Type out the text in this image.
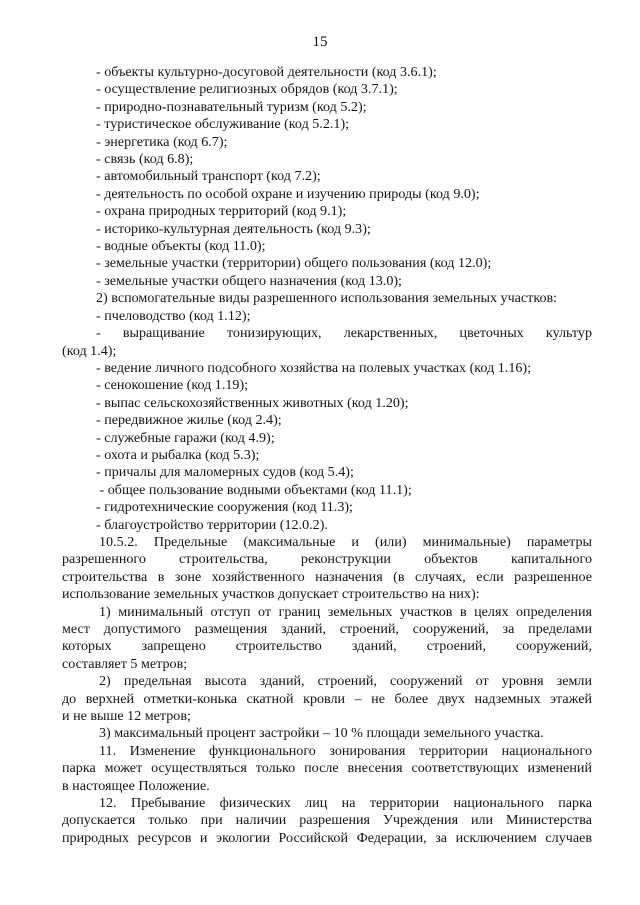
15
- объекты культурно-досуговой деятельности (код 3.6.1);
- осуществление религиозных обрядов (код 3.7.1);
- природно-познавательный туризм (код 5.2);
- туристическое обслуживание (код 5.2.1);
- энергетика (код 6.7);
- связь (код 6.8);
- автомобильный транспорт (код 7.2);
- деятельность по особой охране и изучению природы (код 9.0);
- охрана природных территорий (код 9.1);
- историко-культурная деятельность (код 9.3);
- водные объекты (код 11.0);
- земельные участки (территории) общего пользования (код 12.0);
- земельные участки общего назначения (код 13.0);
2) вспомогательные виды разрешенного использования земельных участков:
- пчеловодство (код 1.12);
- выращивание тонизирующих, лекарственных, цветочных культур
(код 1.4);
- ведение личного подсобного хозяйства на полевых участках (код 1.16);
- сенокошение (код 1.19);
- выпас сельскохозяйственных животных (код 1.20);
- передвижное жилье (код 2.4);
- служебные гаражи (код 4.9);
- охота и рыбалка (код 5.3);
- причалы для маломерных судов (код 5.4);
- общее пользование водными объектами (код 11.1);
- гидротехнические сооружения (код 11.3);
- благоустройство территории (12.0.2).
10.5.2. Предельные (максимальные и (или) минимальные) параметры
разрешенного строительства, реконструкции объектов капитального
строительства в зоне хозяйственного назначения (в случаях, если разрешенное
использование земельных участков допускает строительство на них):
1) минимальный отступ от границ земельных участков в целях определения
мест допустимого размещения зданий, строений, сооружений, за пределами
которых запрещено строительство зданий, строений, сооружений,
составляет 5 метров;
2) предельная высота зданий, строений, сооружений от уровня земли
до верхней отметки-конька скатной кровли – не более двух надземных этажей
и не выше 12 метров;
3) максимальный процент застройки – 10 % площади земельного участка.
11. Изменение функционального зонирования территории национального
парка может осуществляться только после внесения соответствующих изменений
в настоящее Положение.
12. Пребывание физических лиц на территории национального парка
допускается только при наличии разрешения Учреждения или Министерства
природных ресурсов и экологии Российской Федерации, за исключением случаев
